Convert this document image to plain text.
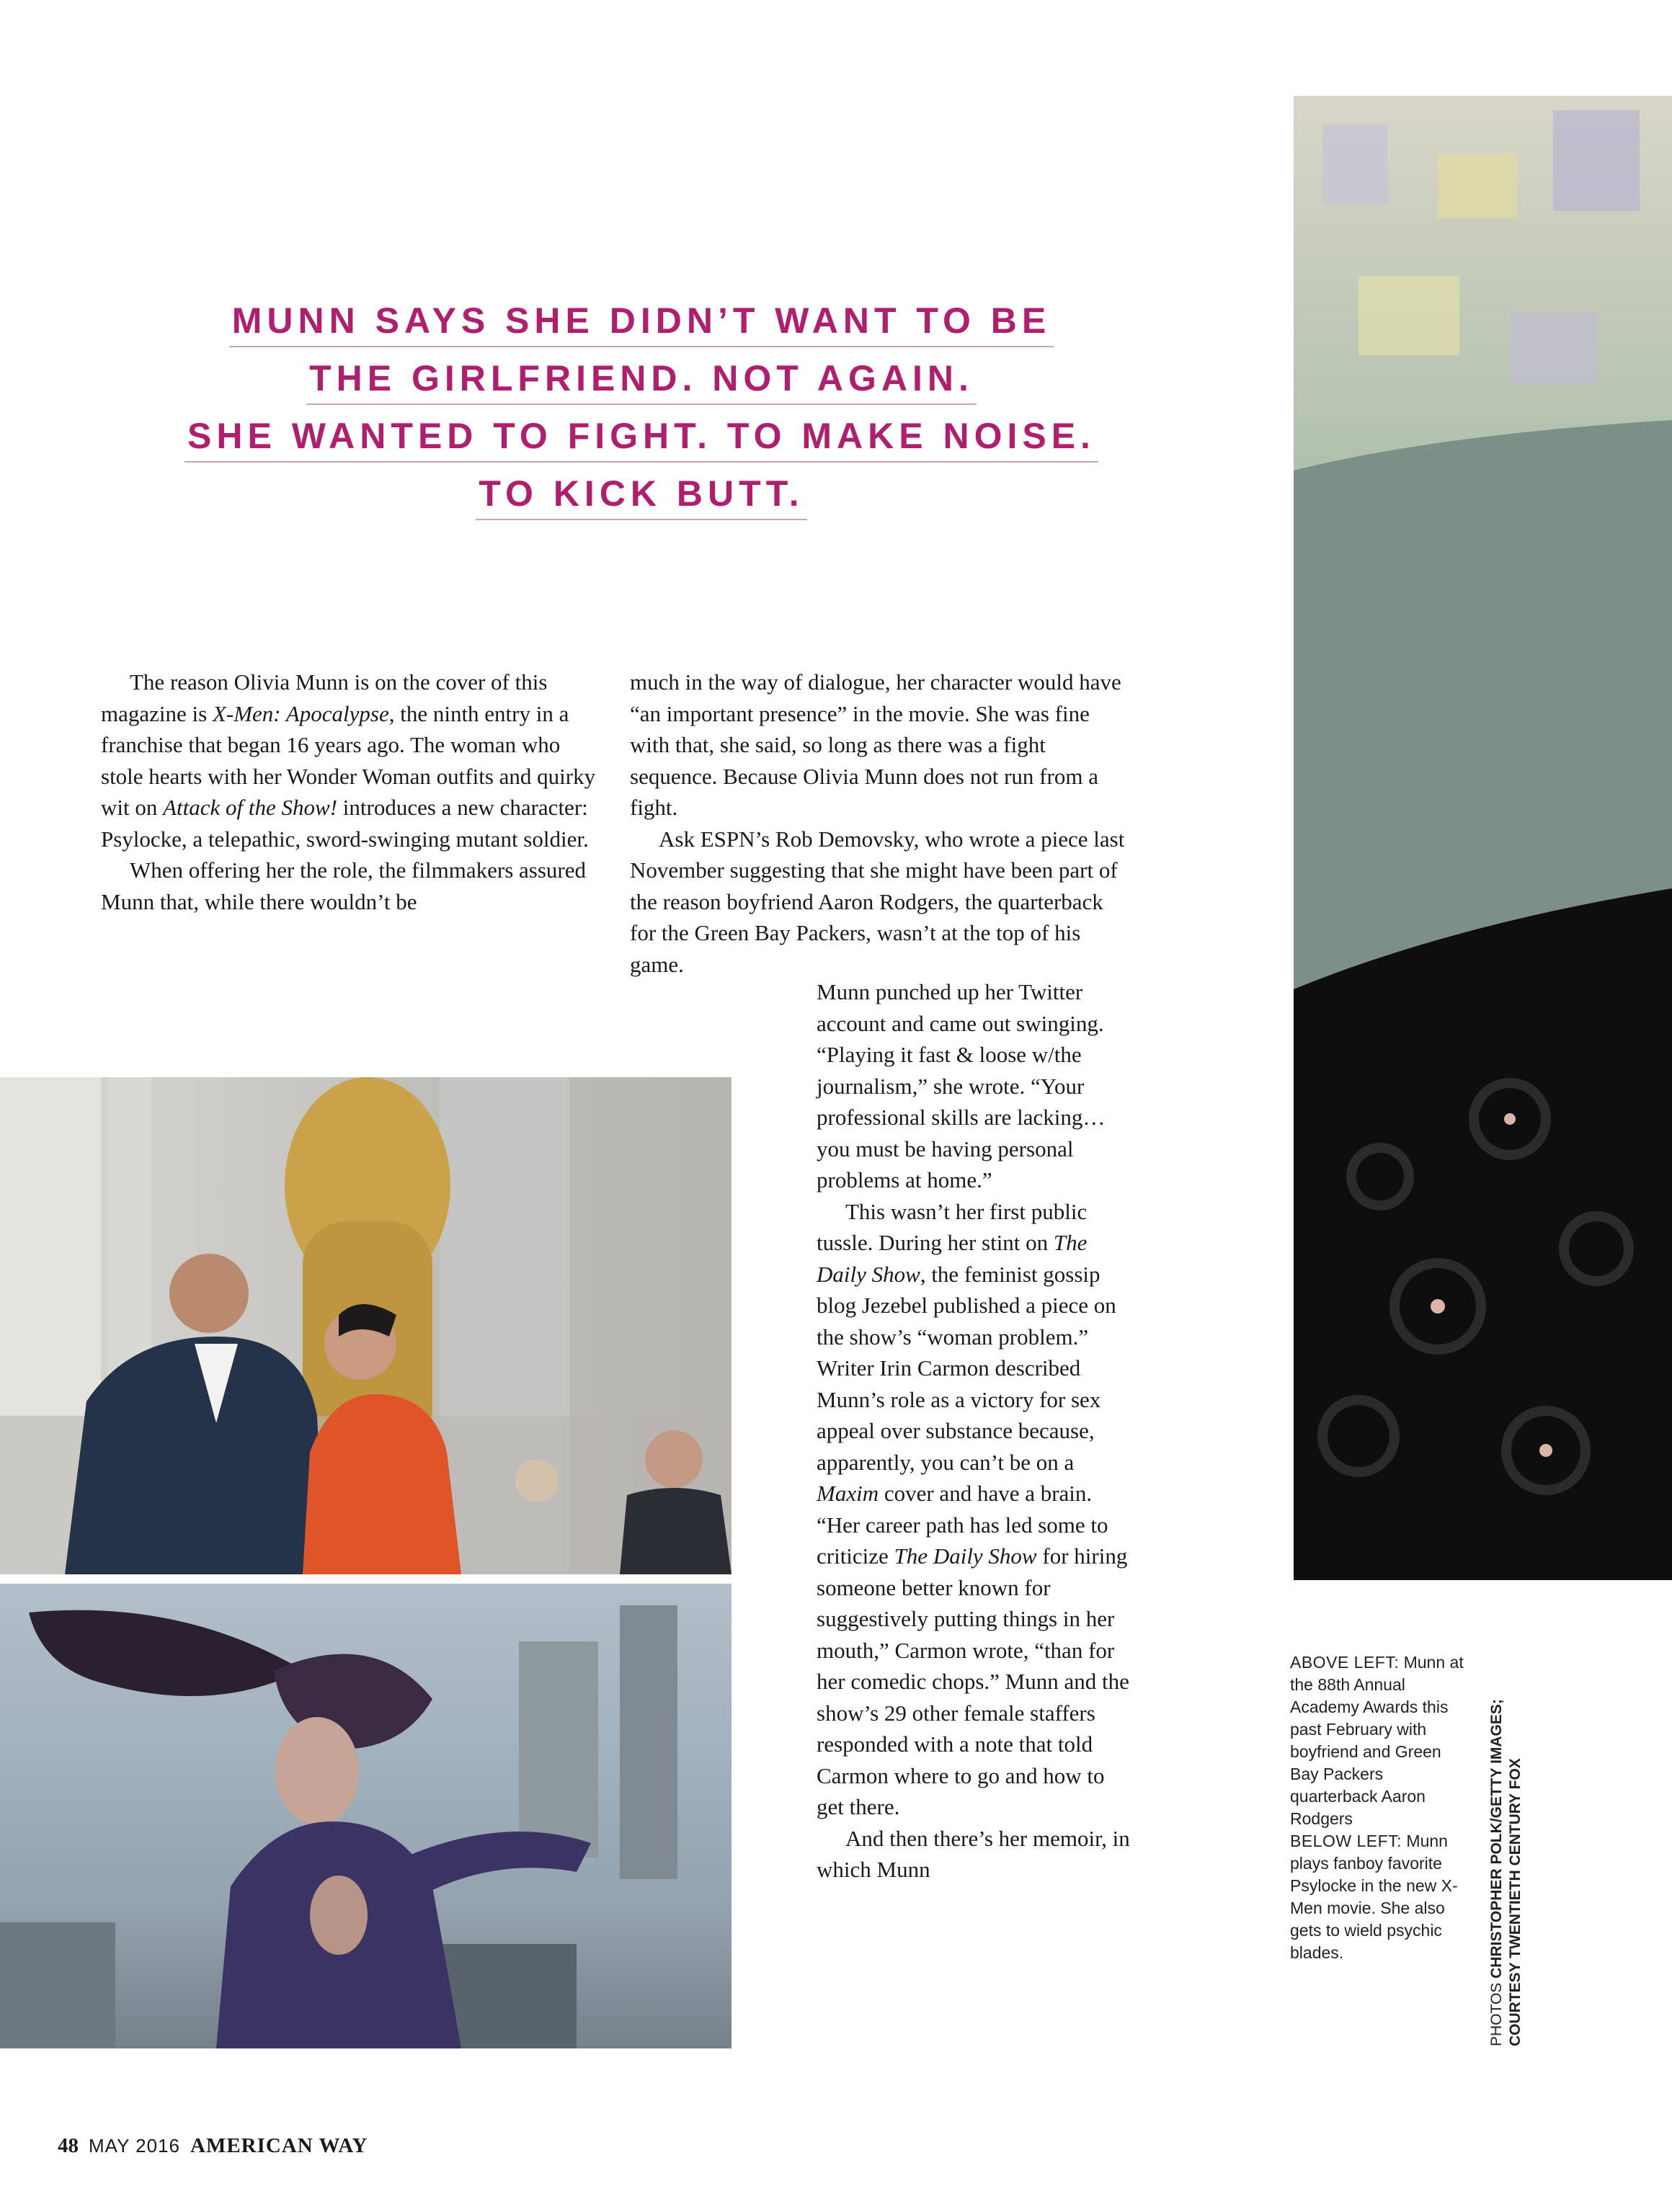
MUNN SAYS SHE DIDN’T WANT TO BE
THE GIRLFRIEND. NOT AGAIN.
SHE WANTED TO FIGHT. TO MAKE NOISE.
TO KICK BUTT.

The reason Olivia Munn is on the cover of this magazine is X-Men: Apocalypse, the ninth entry in a franchise that began 16 years ago. The woman who stole hearts with her Wonder Woman outfits and quirky wit on Attack of the Show! introduces a new character: Psylocke, a telepathic, sword-swinging mutant soldier.

When offering her the role, the filmmakers assured Munn that, while there wouldn’t be

much in the way of dialogue, her character would have “an important presence” in the movie. She was fine with that, she said, so long as there was a fight sequence. Because Olivia Munn does not run from a fight.

Ask ESPN’s Rob Demovsky, who wrote a piece last November suggesting that she might have been part of the reason boyfriend Aaron Rodgers, the quarterback for the Green Bay Packers, wasn’t at the top of his game.

Munn punched up her Twitter account and came out swinging. “Playing it fast & loose w/the journalism,” she wrote. “Your professional skills are lacking… you must be having personal problems at home.”

This wasn’t her first public tussle. During her stint on The Daily Show, the feminist gossip blog Jezebel published a piece on the show’s “woman problem.” Writer Irin Carmon described Munn’s role as a victory for sex appeal over substance because, apparently, you can’t be on a Maxim cover and have a brain. “Her career path has led some to criticize The Daily Show for hiring someone better known for suggestively putting things in her mouth,” Carmon wrote, “than for her comedic chops.” Munn and the show’s 29 other female staffers responded with a note that told Carmon where to go and how to get there.

And then there’s her memoir, in which Munn

ABOVE LEFT: Munn at the 88th Annual Academy Awards this past February with boyfriend and Green Bay Packers quarterback Aaron Rodgers
BELOW LEFT: Munn plays fanboy favorite Psylocke in the new X-Men movie. She also gets to wield psychic blades.
PHOTOS CHRISTOPHER POLK/GETTY IMAGES; COURTESY TWENTIETH CENTURY FOX
48 MAY 2016 AMERICAN WAY
